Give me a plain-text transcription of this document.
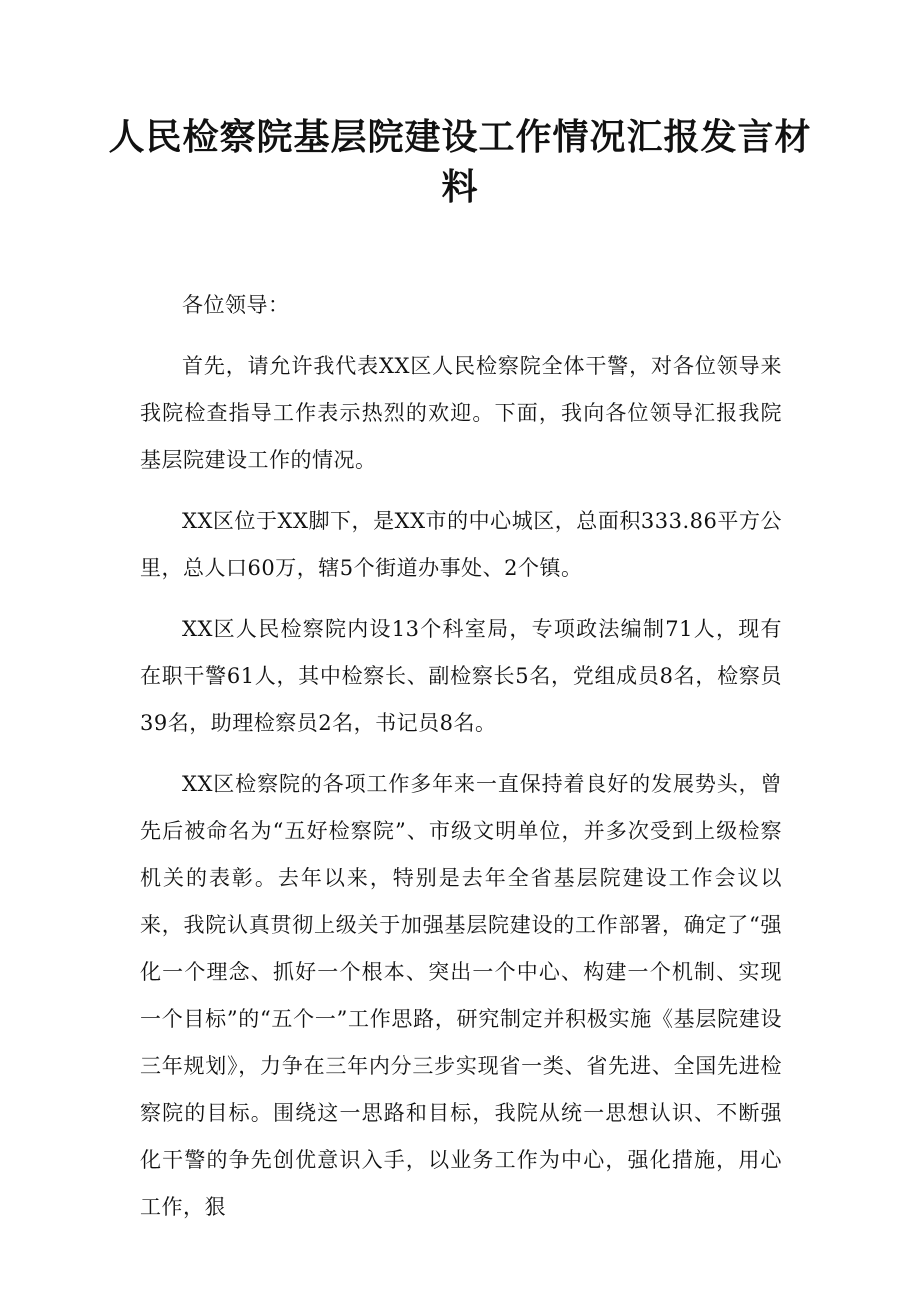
人民检察院基层院建设工作情况汇报发言材料

各位领导：

首先，请允许我代表XX区人民检察院全体干警，对各位领导来我院检查指导工作表示热烈的欢迎。下面，我向各位领导汇报我院基层院建设工作的情况。

XX区位于XX脚下，是XX市的中心城区，总面积333.86平方公里，总人口60万，辖5个街道办事处、2个镇。

XX区人民检察院内设13个科室局，专项政法编制71人，现有在职干警61人，其中检察长、副检察长5名，党组成员8名，检察员39名，助理检察员2名，书记员8名。

XX区检察院的各项工作多年来一直保持着良好的发展势头，曾先后被命名为“五好检察院”、市级文明单位，并多次受到上级检察机关的表彰。去年以来，特别是去年全省基层院建设工作会议以来，我院认真贯彻上级关于加强基层院建设的工作部署，确定了“强化一个理念、抓好一个根本、突出一个中心、构建一个机制、实现一个目标”的“五个一”工作思路，研究制定并积极实施《基层院建设三年规划》，力争在三年内分三步实现省一类、省先进、全国先进检察院的目标。围绕这一思路和目标，我院从统一思想认识、不断强化干警的争先创优意识入手，以业务工作为中心，强化措施，用心工作，狠
